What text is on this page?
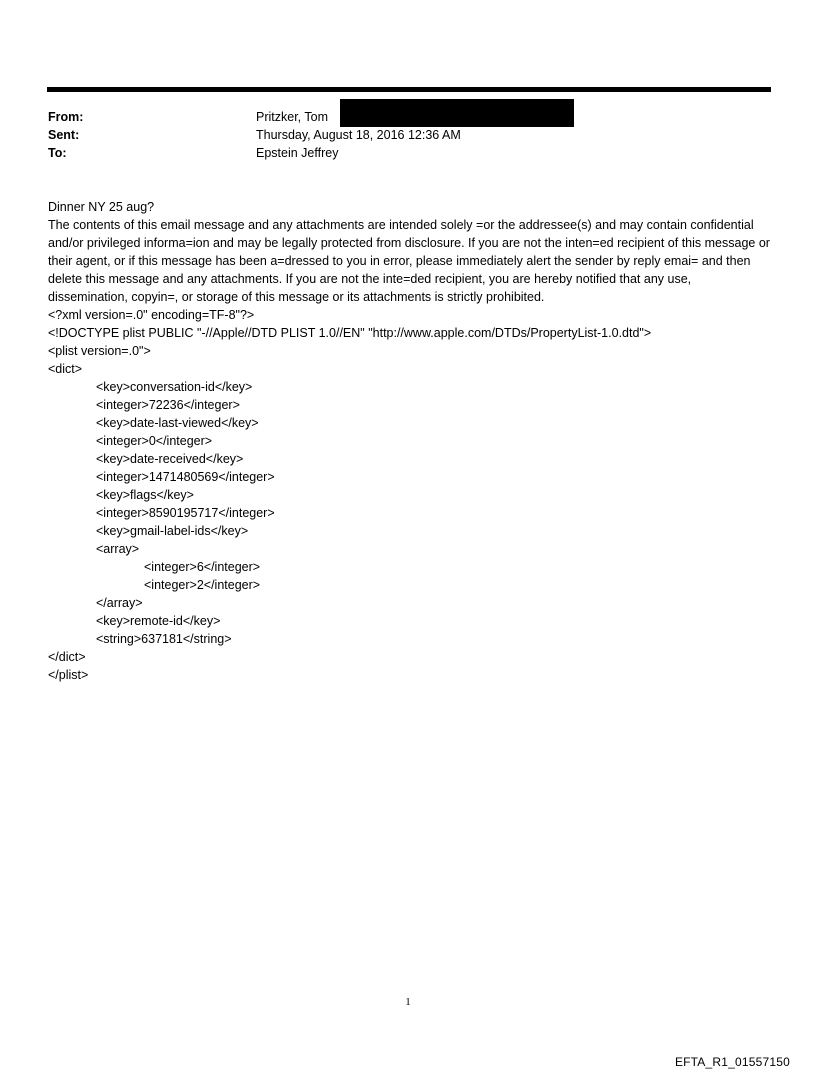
From:	Pritzker, Tom
Sent:	Thursday, August 18, 2016 12:36 AM
To:	Epstein Jeffrey

Dinner NY 25 aug?

The contents of this email message and any attachments are intended solely =or the addressee(s) and may contain confidential and/or privileged informa=ion and may be legally protected from disclosure. If you are not the inten=ed recipient of this message or their agent, or if this message has been a=dressed to you in error, please immediately alert the sender by reply emai= and then delete this message and any attachments. If you are not the inte=ded recipient, you are hereby notified that any use, dissemination, copyin=, or storage of this message or its attachments is strictly prohibited.

<?xml version=.0" encoding=TF-8"?>

<!DOCTYPE plist PUBLIC "-//Apple//DTD PLIST 1.0//EN" "http://www.apple.com/DTDs/PropertyList-1.0.dtd">

<plist version=.0">

<dict>

<key>conversation-id</key>

<integer>72236</integer>

<key>date-last-viewed</key>

<integer>0</integer>

<key>date-received</key>

<integer>1471480569</integer>

<key>flags</key>

<integer>8590195717</integer>

<key>gmail-label-ids</key>

<array>

<integer>6</integer>

<integer>2</integer>

</array>

<key>remote-id</key>

<string>637181</string>

</dict>

</plist>

1
EFTA_R1_01557150
